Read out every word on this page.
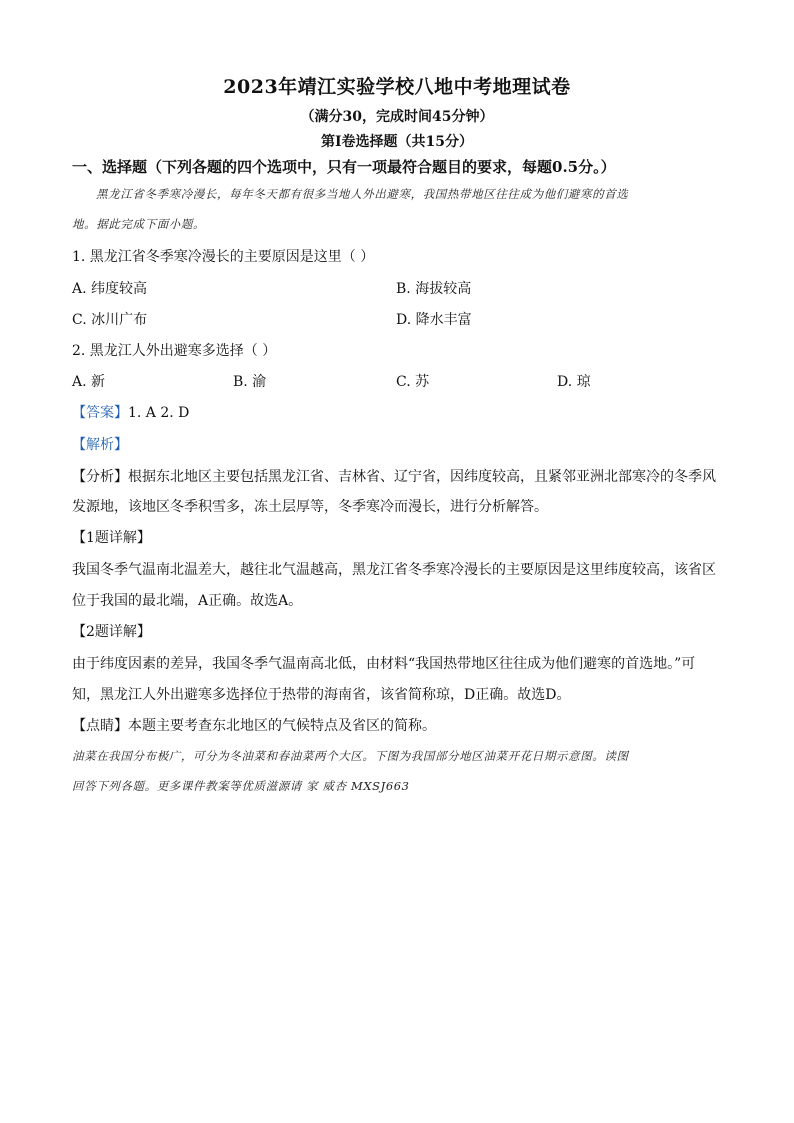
2023年靖江实验学校八地中考地理试卷
（满分30，完成时间45分钟）
第Ⅰ卷选择题（共15分）
一、选择题（下列各题的四个选项中，只有一项最符合题目的要求，每题0.5分。）
黑龙江省冬季寒冷漫长，每年冬天都有很多当地人外出避寒，我国热带地区往往成为他们避寒的首选
地。据此完成下面小题。
1. 黑龙江省冬季寒冷漫长的主要原因是这里（ ）
A. 纬度较高	B. 海拔较高
C. 冰川广布	D. 降水丰富
2. 黑龙江人外出避寒多选择（ ）
A. 新	B. 渝	C. 苏	D. 琼
【答案】1. A 2. D
【解析】
【分析】根据东北地区主要包括黑龙江省、吉林省、辽宁省，因纬度较高，且紧邻亚洲北部寒冷的冬季风
发源地，该地区冬季积雪多，冻土层厚等，冬季寒冷而漫长，进行分析解答。
【1题详解】
我国冬季气温南北温差大，越往北气温越高，黑龙江省冬季寒冷漫长的主要原因是这里纬度较高，该省区
位于我国的最北端，A正确。故选A。
【2题详解】
由于纬度因素的差异，我国冬季气温南高北低，由材料“我国热带地区往往成为他们避寒的首选地。”可
知，黑龙江人外出避寒多选择位于热带的海南省，该省简称琼，D正确。故选D。
【点睛】本题主要考查东北地区的气候特点及省区的简称。
油菜在我国分布极广，可分为冬油菜和春油菜两个大区。下图为我国部分地区油菜开花日期示意图。读图
回答下列各题。更多课件教案等优质滋源请 家 威杏 MXSJ663
